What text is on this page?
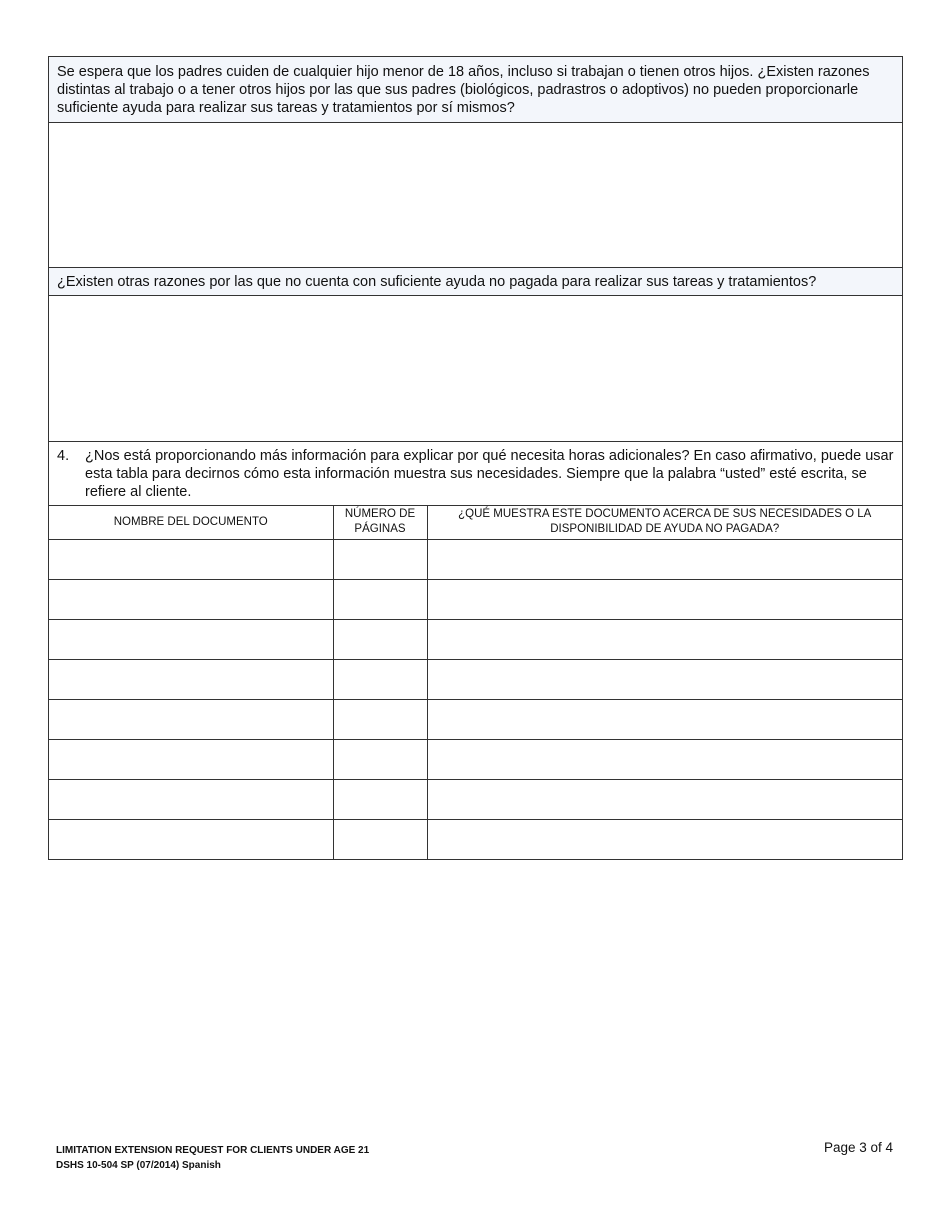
Se espera que los padres cuiden de cualquier hijo menor de 18 años, incluso si trabajan o tienen otros hijos. ¿Existen razones distintas al trabajo o a tener otros hijos por las que sus padres (biológicos, padrastros o adoptivos) no pueden proporcionarle suficiente ayuda para realizar sus tareas y tratamientos por sí mismos?
¿Existen otras razones por las que no cuenta con suficiente ayuda no pagada para realizar sus tareas y tratamientos?
4.	¿Nos está proporcionando más información para explicar por qué necesita horas adicionales? En caso afirmativo, puede usar esta tabla para decirnos cómo esta información muestra sus necesidades. Siempre que la palabra “usted” esté escrita, se refiere al cliente.
NOMBRE DEL DOCUMENTO	NÚMERO DE PÁGINAS	¿QUÉ MUESTRA ESTE DOCUMENTO ACERCA DE SUS NECESIDADES O LA DISPONIBILIDAD DE AYUDA NO PAGADA?

LIMITATION EXTENSION REQUEST FOR CLIENTS UNDER AGE 21
DSHS 10-504 SP (07/2014) Spanish
Page 3 of 4
